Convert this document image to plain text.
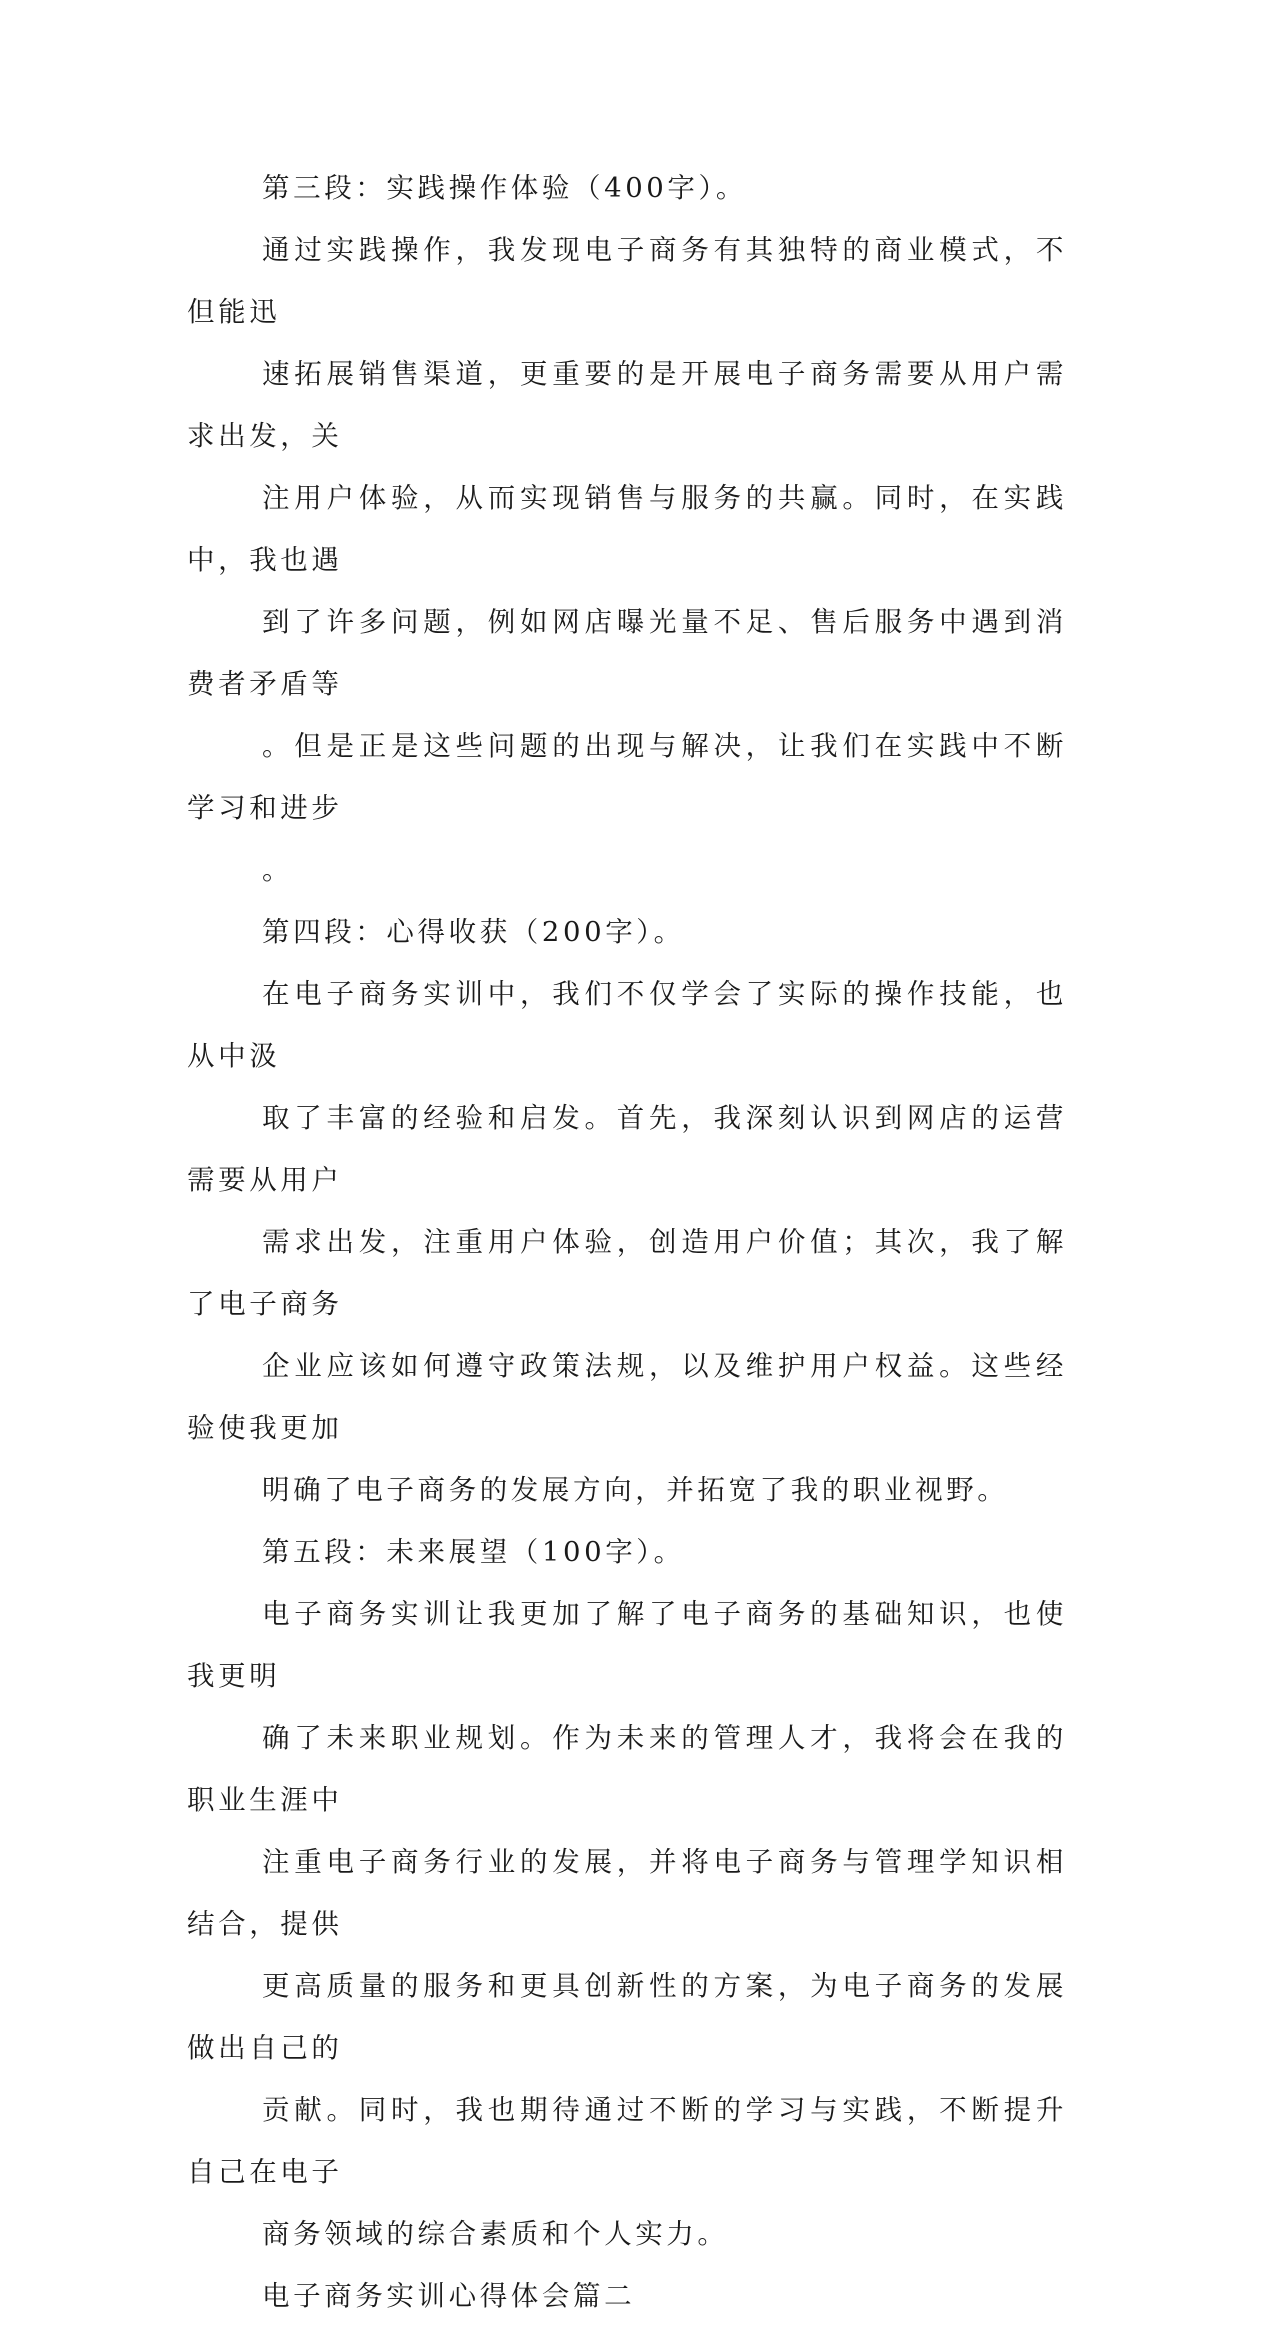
第三段：实践操作体验（400字）。

通过实践操作，我发现电子商务有其独特的商业模式，不但能迅
速拓展销售渠道，更重要的是开展电子商务需要从用户需求出发，关
注用户体验，从而实现销售与服务的共赢。同时，在实践中，我也遇
到了许多问题，例如网店曝光量不足、售后服务中遇到消费者矛盾等
。但是正是这些问题的出现与解决，让我们在实践中不断学习和进步
。

第四段：心得收获（200字）。

在电子商务实训中，我们不仅学会了实际的操作技能，也从中汲
取了丰富的经验和启发。首先，我深刻认识到网店的运营需要从用户
需求出发，注重用户体验，创造用户价值；其次，我了解了电子商务
企业应该如何遵守政策法规，以及维护用户权益。这些经验使我更加
明确了电子商务的发展方向，并拓宽了我的职业视野。

第五段：未来展望（100字）。

电子商务实训让我更加了解了电子商务的基础知识，也使我更明
确了未来职业规划。作为未来的管理人才，我将会在我的职业生涯中
注重电子商务行业的发展，并将电子商务与管理学知识相结合，提供
更高质量的服务和更具创新性的方案，为电子商务的发展做出自己的
贡献。同时，我也期待通过不断的学习与实践，不断提升自己在电子
商务领域的综合素质和个人实力。

电子商务实训心得体会篇二
